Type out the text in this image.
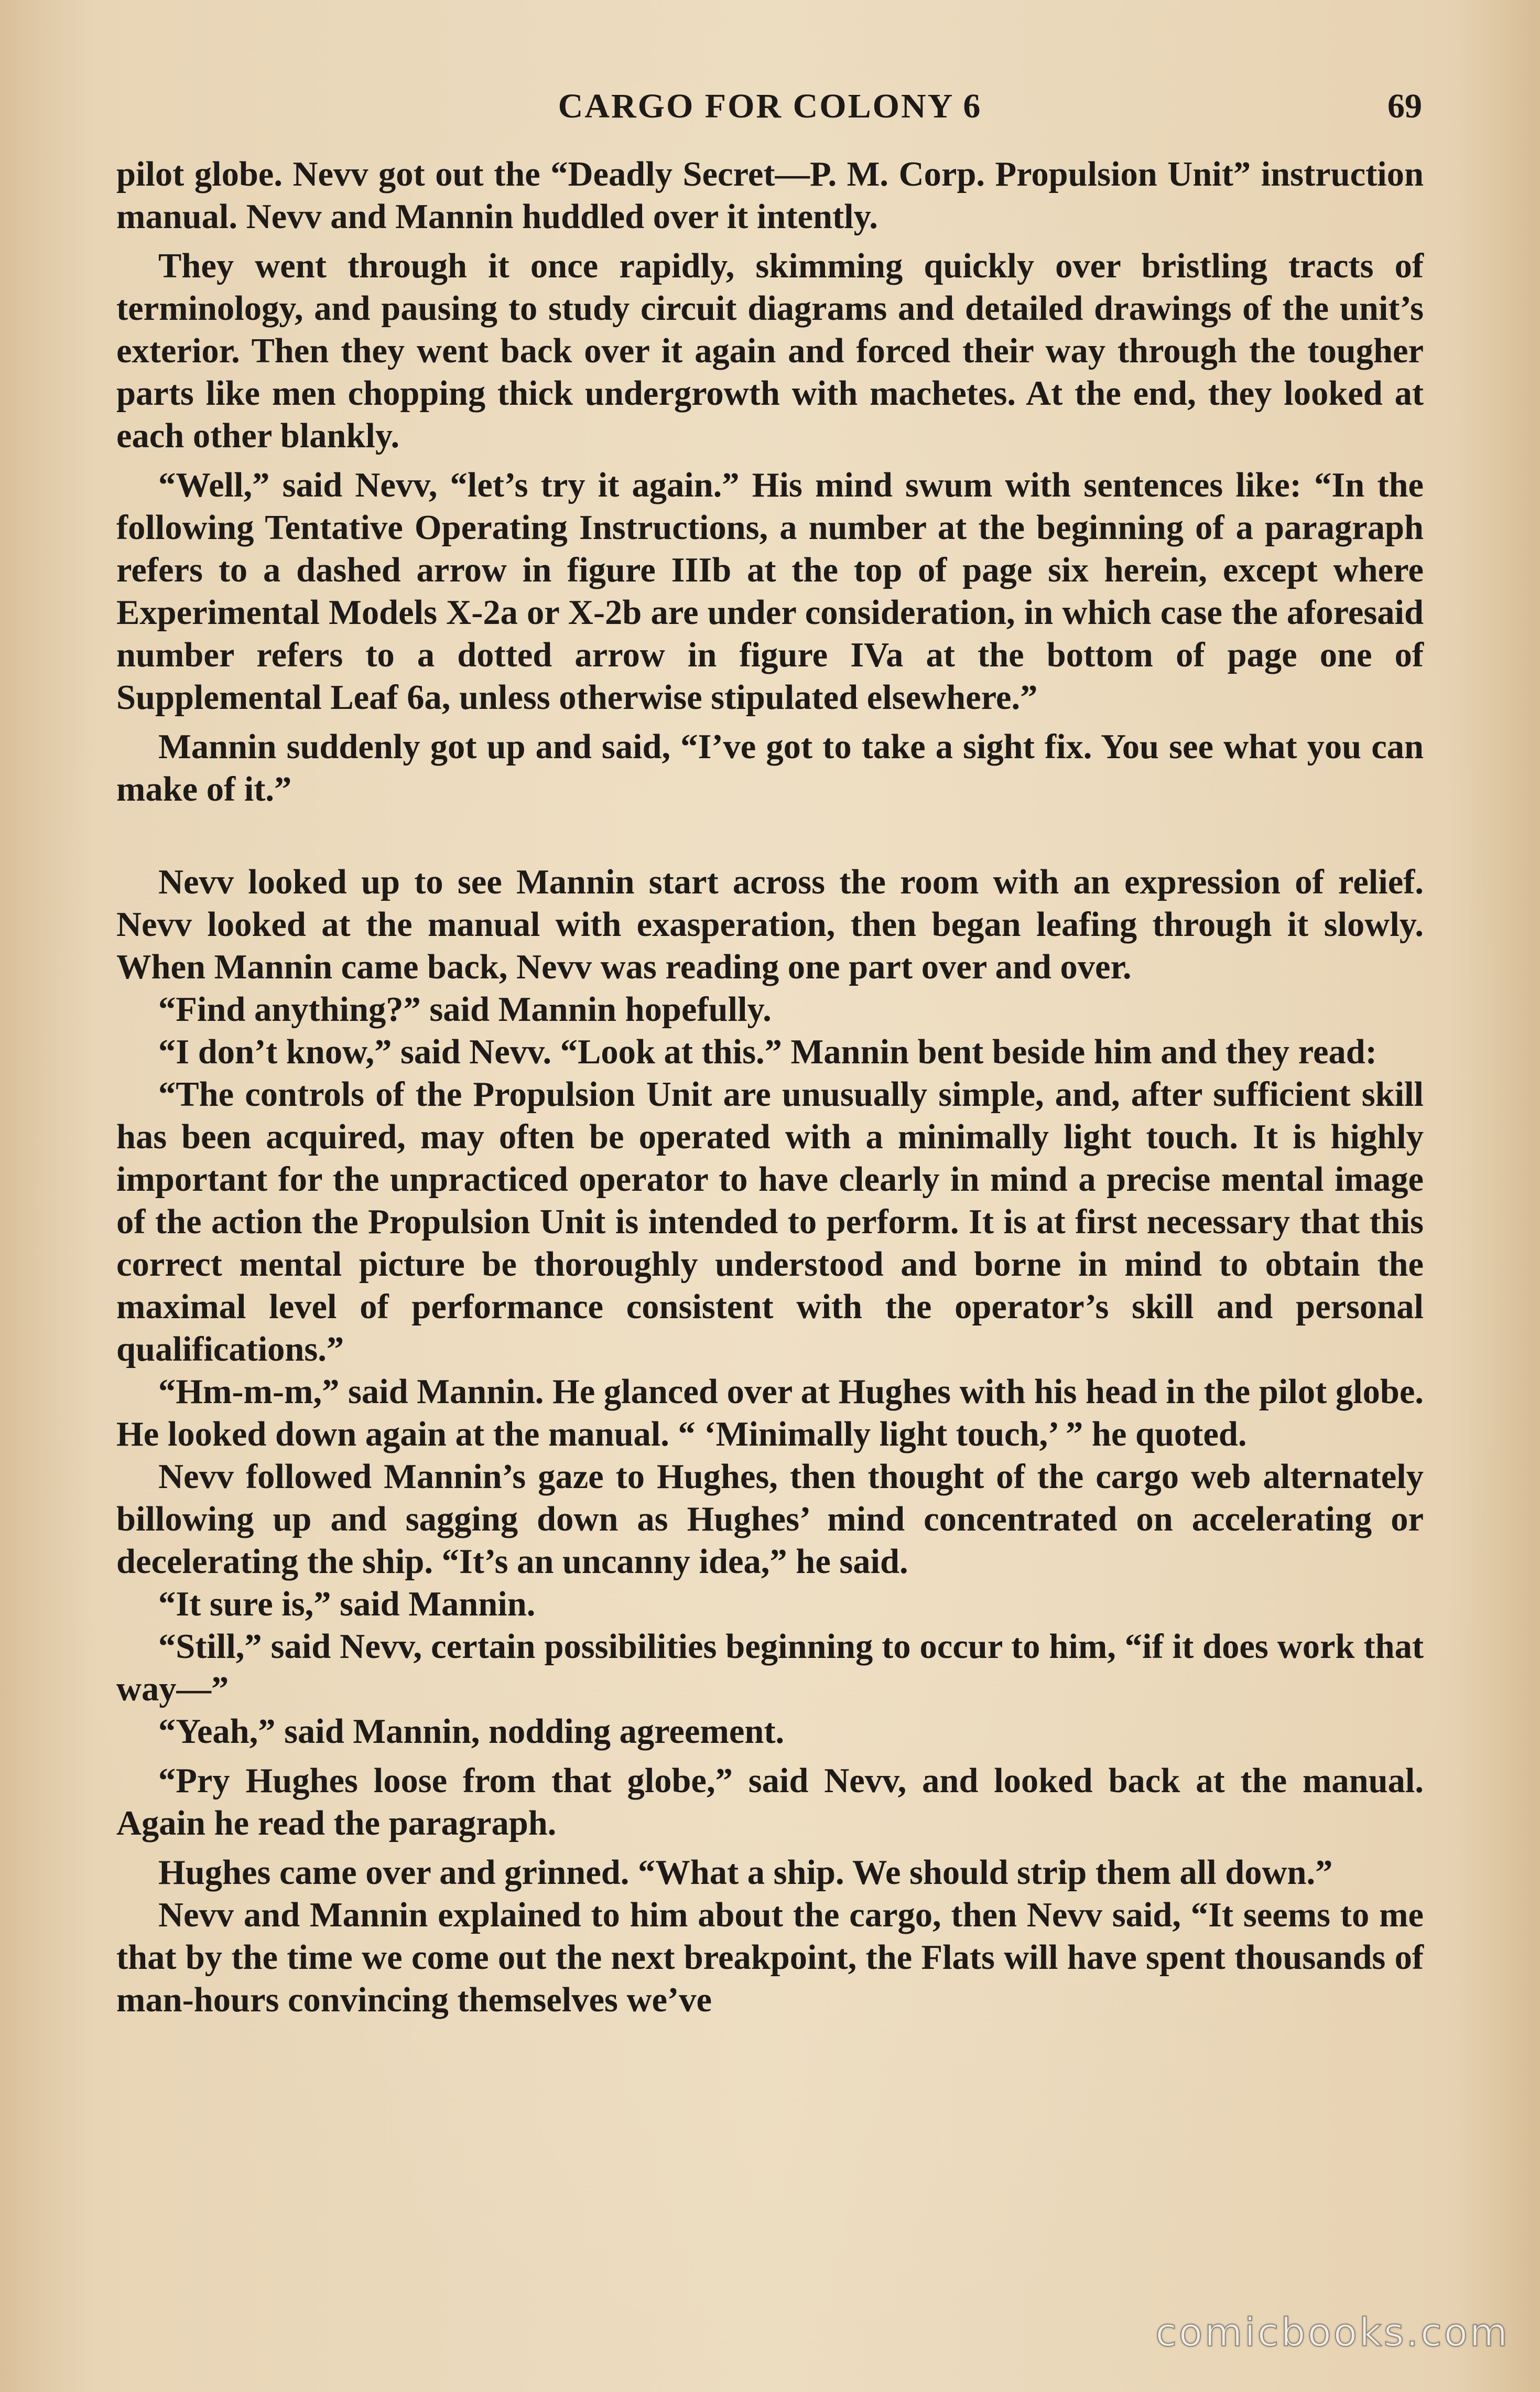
CARGO FOR COLONY 6	69

pilot globe. Nevv got out the “Deadly Secret—P. M. Corp. Propulsion Unit” instruction manual. Nevv and Mannin huddled over it intently.

They went through it once rapidly, skimming quickly over bristling tracts of terminology, and pausing to study circuit diagrams and detailed drawings of the unit’s exterior. Then they went back over it again and forced their way through the tougher parts like men chopping thick undergrowth with machetes. At the end, they looked at each other blankly.

“Well,” said Nevv, “let’s try it again.” His mind swum with sentences like: “In the following Tentative Operating Instructions, a number at the beginning of a paragraph refers to a dashed arrow in figure IIIb at the top of page six herein, except where Experimental Models X-2a or X-2b are under consideration, in which case the aforesaid number refers to a dotted arrow in figure IVa at the bottom of page one of Supplemental Leaf 6a, unless otherwise stipulated elsewhere.”

Mannin suddenly got up and said, “I’ve got to take a sight fix. You see what you can make of it.”

Nevv looked up to see Mannin start across the room with an expression of relief. Nevv looked at the manual with exasperation, then began leafing through it slowly. When Mannin came back, Nevv was reading one part over and over.

“Find anything?” said Mannin hopefully.

“I don’t know,” said Nevv. “Look at this.” Mannin bent beside him and they read:

“The controls of the Propulsion Unit are unusually simple, and, after sufficient skill has been acquired, may often be operated with a minimally light touch. It is highly important for the unpracticed operator to have clearly in mind a precise mental image of the action the Propulsion Unit is intended to perform. It is at first necessary that this correct mental picture be thoroughly understood and borne in mind to obtain the maximal level of performance consistent with the operator’s skill and personal qualifications.”

“Hm-m-m,” said Mannin. He glanced over at Hughes with his head in the pilot globe. He looked down again at the manual. “ ‘Minimally light touch,’ ” he quoted.

Nevv followed Mannin’s gaze to Hughes, then thought of the cargo web alternately billowing up and sagging down as Hughes’ mind concentrated on accelerating or decelerating the ship. “It’s an uncanny idea,” he said.

“It sure is,” said Mannin.

“Still,” said Nevv, certain possibilities beginning to occur to him, “if it does work that way—”

“Yeah,” said Mannin, nodding agreement.

“Pry Hughes loose from that globe,” said Nevv, and looked back at the manual. Again he read the paragraph.

Hughes came over and grinned. “What a ship. We should strip them all down.”

Nevv and Mannin explained to him about the cargo, then Nevv said, “It seems to me that by the time we come out the next breakpoint, the Flats will have spent thousands of man-hours convincing themselves we’ve

comicbooks.com
